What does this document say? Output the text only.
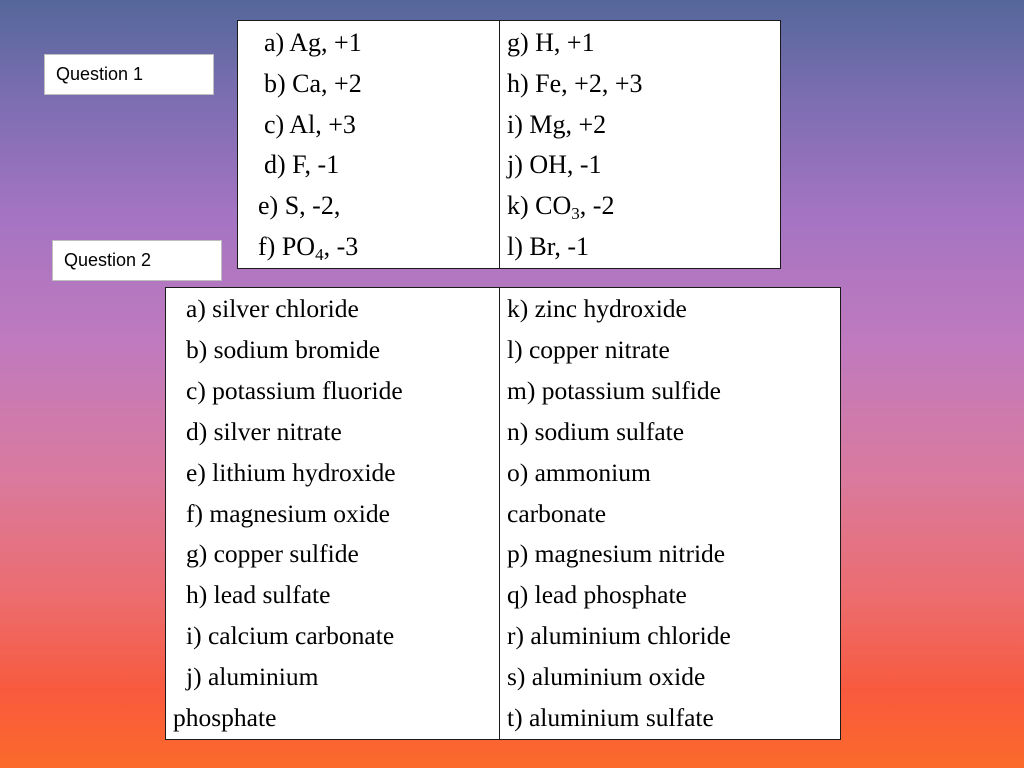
Question 1
a) Ag, +1
b) Ca, +2
c) Al, +3
d) F, -1
e) S, -2,
f) $PO_4$, -3

g) H, +1
h) Fe, +2, +3
i) Mg, +2
j) OH, -1
k) $CO_3$, -2
l) Br, -1
Question 2
a) silver chloride
b) sodium bromide
c) potassium fluoride
d) silver nitrate
e) lithium hydroxide
f) magnesium oxide
g) copper sulfide
h) lead sulfate
i) calcium carbonate
j) aluminium
phosphate

k) zinc hydroxide
l) copper nitrate
m) potassium sulfide
n) sodium sulfate
o) ammonium
carbonate
p) magnesium nitride
q) lead phosphate
r) aluminium chloride
s) aluminium oxide
t) aluminium sulfate
